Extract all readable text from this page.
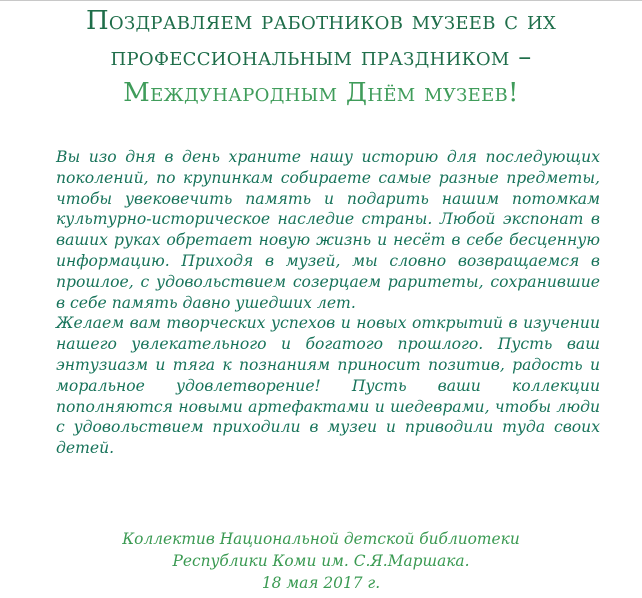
Поздравляем работников музеев с их
профессиональным праздником –
Международным Днём музеев!

Вы изо дня в день храните нашу историю для последующих поколений, по крупинкам собираете самые разные предметы, чтобы увековечить память и подарить нашим потомкам культурно-историческое наследие страны. Любой экспонат в ваших руках обретает новую жизнь и несёт в себе бесценную информацию. Приходя в музей, мы словно возвращаемся в прошлое, с удовольствием созерцаем раритеты, сохранившие в себе память давно ушедших лет.

Желаем вам творческих успехов и новых открытий в изучении нашего увлекательного и богатого прошлого. Пусть ваш энтузиазм и тяга к познаниям приносит позитив, радость и моральное удовлетворение! Пусть ваши коллекции пополняются новыми артефактами и шедеврами, чтобы люди с удовольствием приходили в музеи и приводили туда своих детей.

Коллектив Национальной детской библиотеки
Республики Коми им. С.Я.Маршака.
18 мая 2017 г.
